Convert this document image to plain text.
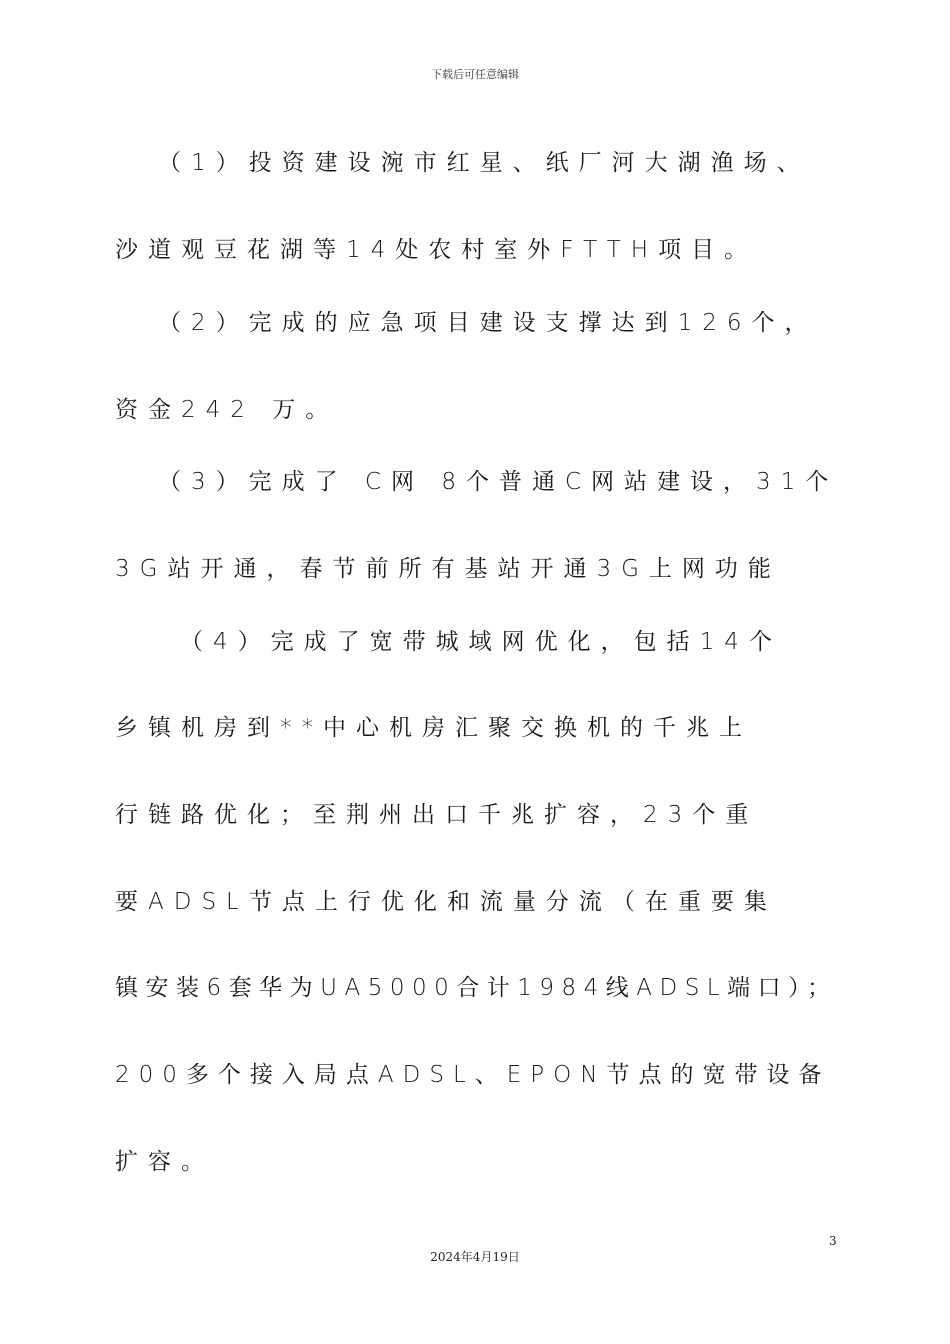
下载后可任意编辑
（1）投资建设涴市红星、纸厂河大湖渔场、
沙道观豆花湖等14处农村室外FTTH项目。
（2）完成的应急项目建设支撑达到126个，
资金242 万。
（3）完成了 C网 8个普通C网站建设，31个
3G站开通，春节前所有基站开通3G上网功能
（4）完成了宽带城域网优化，包括14个
乡镇机房到**中心机房汇聚交换机的千兆上
行链路优化；至荆州出口千兆扩容，23个重
要ADSL节点上行优化和流量分流（在重要集
镇安装6套华为UA5000合计1984线ADSL端口）；
200多个接入局点ADSL、EPON节点的宽带设备
扩容。
3
2024年4月19日
